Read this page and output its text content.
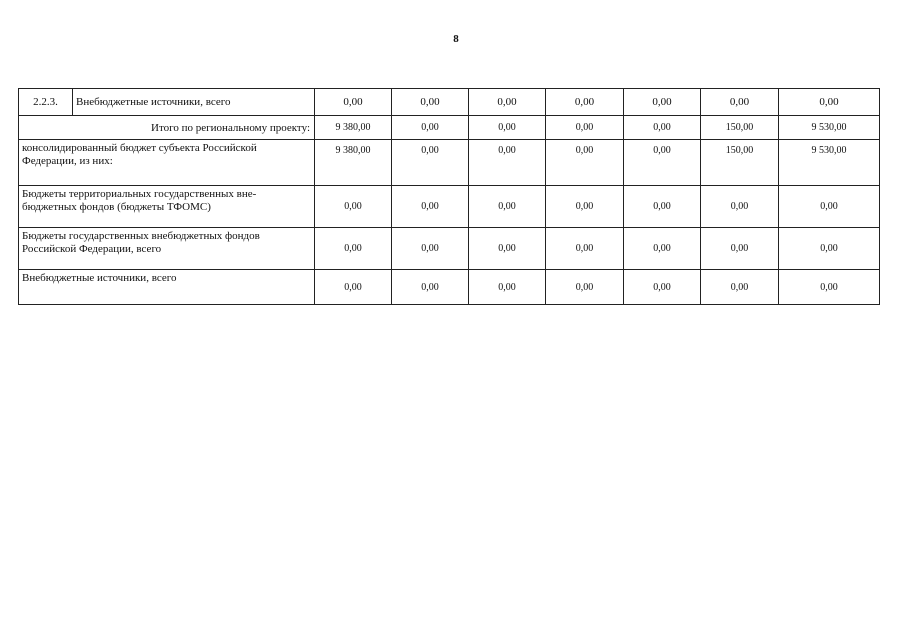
8
2.2.3.	Внебюджетные источники, всего	0,00	0,00	0,00	0,00	0,00	0,00	0,00
Итого по региональному проекту:		9 380,00	0,00	0,00	0,00	0,00	150,00	9 530,00
консолидированный бюджет субъекта Российской Федерации, из них:		9 380,00	0,00	0,00	0,00	0,00	150,00	9 530,00
Бюджеты территориальных государственных вне-бюджетных фондов (бюджеты ТФОМС)		0,00	0,00	0,00	0,00	0,00	0,00	0,00
Бюджеты государственных внебюджетных фондов Российской Федерации, всего		0,00	0,00	0,00	0,00	0,00	0,00	0,00
Внебюджетные источники, всего		0,00	0,00	0,00	0,00	0,00	0,00	0,00
